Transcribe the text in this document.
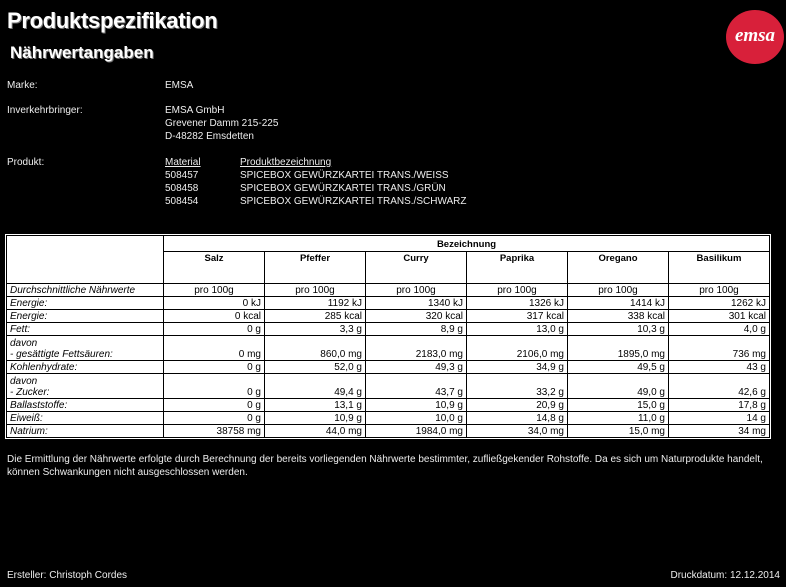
Produktspezifikation
Nährwertangaben
emsa
Marke:	EMSA
Inverkehrbringer:	EMSA GmbH
Grevener Damm 215-225
D-48282 Emsdetten
Produkt:	Material	Produktbezeichnung
508457	SPICEBOX GEWÜRZKARTEI TRANS./WEISS
508458	SPICEBOX GEWÜRZKARTEI TRANS./GRÜN
508454	SPICEBOX GEWÜRZKARTEI TRANS./SCHWARZ
	Bezeichnung					
	Salz	Pfeffer	Curry	Paprika	Oregano	Basilikum
Durchschnittliche Nährwerte	pro 100g	pro 100g	pro 100g	pro 100g	pro 100g	pro 100g
Energie:	0 kJ	1192 kJ	1340 kJ	1326 kJ	1414 kJ	1262 kJ
Energie:	0 kcal	285 kcal	320 kcal	317 kcal	338 kcal	301 kcal
Fett:	0 g	3,3 g	8,9 g	13,0 g	10,3 g	4,0 g

davon
- gesättigte Fettsäuren:	0 mg	860,0 mg	2183,0 mg	2106,0 mg	1895,0 mg	736 mg
Kohlenhydrate:	0 g	52,0 g	49,3 g	34,9 g	49,5 g	43 g

davon
- Zucker:	0 g	49,4 g	43,7 g	33,2 g	49,0 g	42,6 g
Ballaststoffe:	0 g	13,1 g	10,9 g	20,9 g	15,0 g	17,8 g
Eiweiß:	0 g	10,9 g	10,0 g	14,8 g	11,0 g	14 g
Natrium:	38758 mg	44,0 mg	1984,0 mg	34,0 mg	15,0 mg	34 mg
Die Ermittlung der Nährwerte erfolgte durch Berechnung der bereits vorliegenden Nährwerte bestimmter, zufließgekender Rohstoffe. Da es sich um Naturprodukte handelt, können Schwankungen nicht ausgeschlossen werden.
Ersteller: Christoph Cordes	Druckdatum: 12.12.2014
